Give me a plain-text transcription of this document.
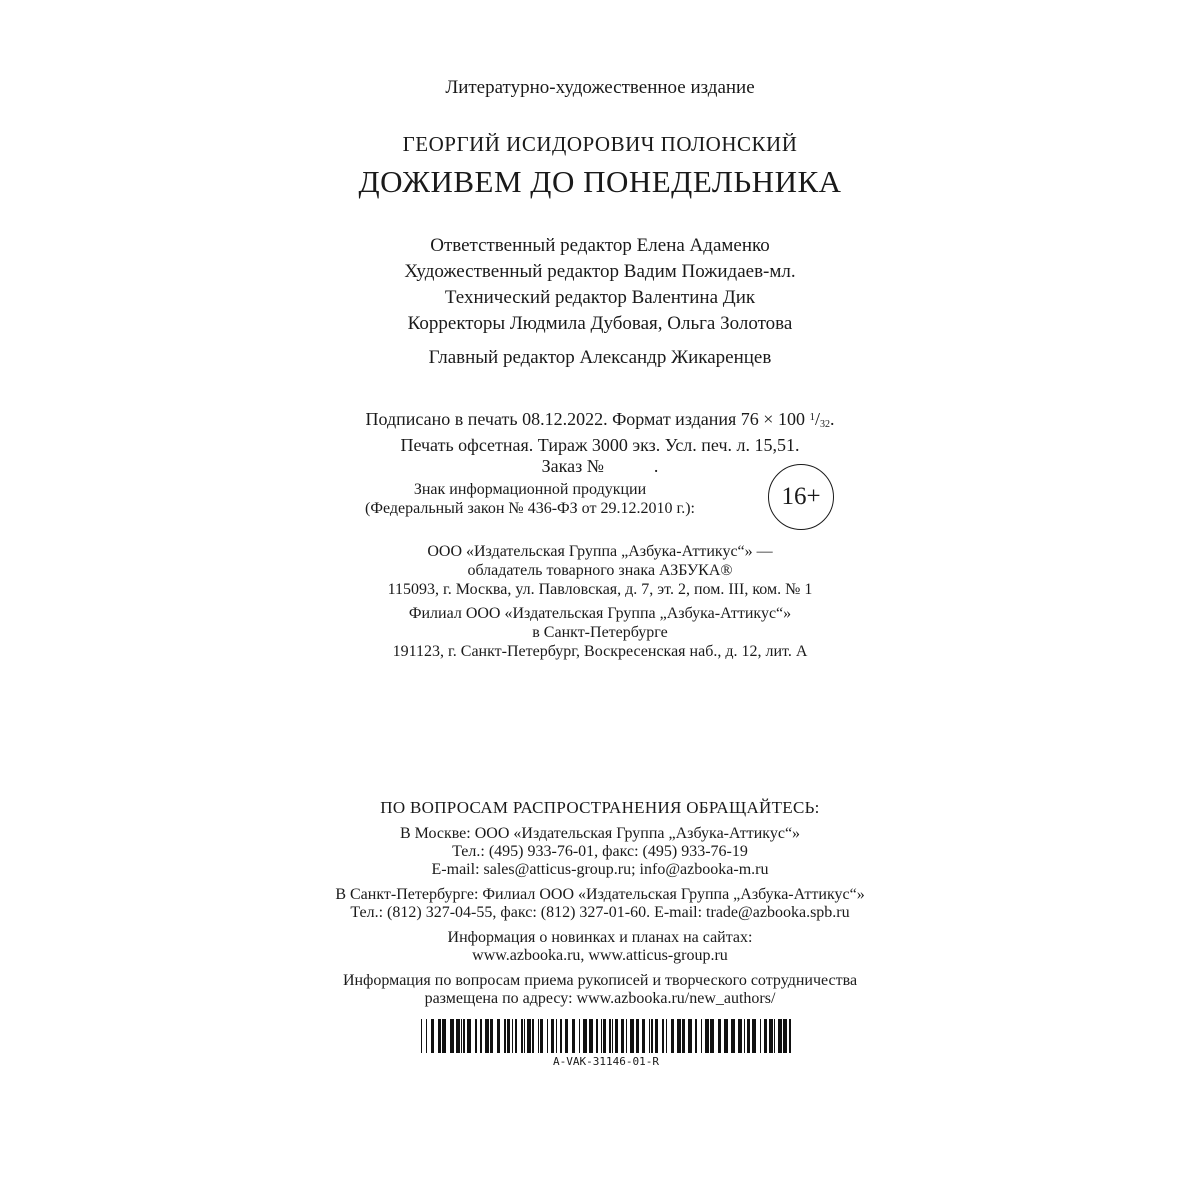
Литературно-художественное издание
ГЕОРГИЙ ИСИДОРОВИЧ ПОЛОНСКИЙ
ДОЖИВЕМ ДО ПОНЕДЕЛЬНИКА
Ответственный редактор Елена Адаменко
Художественный редактор Вадим Пожидаев-мл.
Технический редактор Валентина Дик
Корректоры Людмила Дубовая, Ольга Золотова
Главный редактор Александр Жикаренцев
Подписано в печать 08.12.2022. Формат издания 76 × 100 $^1/_{32}$.
Печать офсетная. Тираж 3000 экз. Усл. печ. л. 15,51.
Заказ №	.
Знак информационной продукции
(Федеральный закон № 436-ФЗ от 29.12.2010 г.):	16+
ООО «Издательская Группа „Азбука-Аттикус“» —
обладатель товарного знака АЗБУКА®
115093, г. Москва, ул. Павловская, д. 7, эт. 2, пом. III, ком. № 1
Филиал ООО «Издательская Группа „Азбука-Аттикус“»
в Санкт-Петербурге
191123, г. Санкт-Петербург, Воскресенская наб., д. 12, лит. А
ПО ВОПРОСАМ РАСПРОСТРАНЕНИЯ ОБРАЩАЙТЕСЬ:
В Москве: ООО «Издательская Группа „Азбука-Аттикус“»
Тел.: (495) 933-76-01, факс: (495) 933-76-19
E-mail: sales@atticus-group.ru; info@azbooka-m.ru
В Санкт-Петербурге: Филиал ООО «Издательская Группа „Азбука-Аттикус“»
Тел.: (812) 327-04-55, факс: (812) 327-01-60. E-mail: trade@azbooka.spb.ru
Информация о новинках и планах на сайтах:
www.azbooka.ru, www.atticus-group.ru
Информация по вопросам приема рукописей и творческого сотрудничества
размещена по адресу: www.azbooka.ru/new_authors/
A-VAK-31146-01-R
